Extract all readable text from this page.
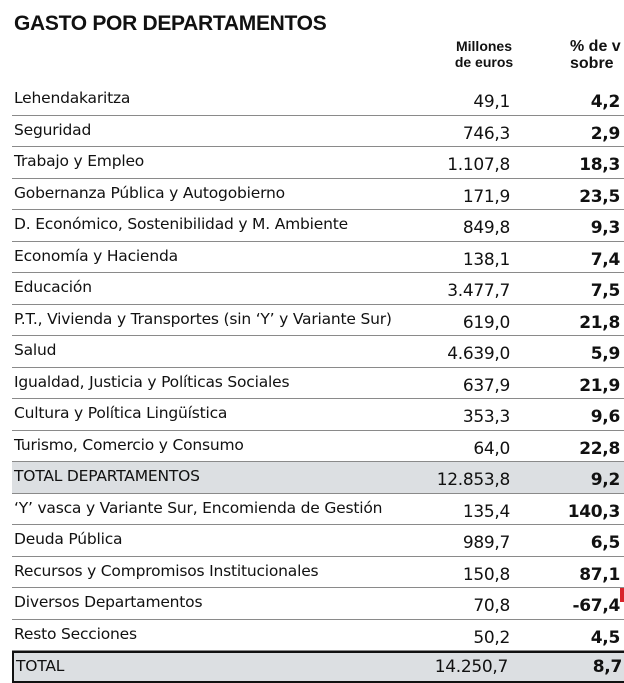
GASTO POR DEPARTAMENTOS
Millones
de euros
% de v
sobre
Lehendakaritza	49,1	4,2
Seguridad	746,3	2,9
Trabajo y Empleo	1.107,8	18,3
Gobernanza Pública y Autogobierno	171,9	23,5
D. Económico, Sostenibilidad y M. Ambiente	849,8	9,3
Economía y Hacienda	138,1	7,4
Educación	3.477,7	7,5
P.T., Vivienda y Transportes (sin ‘Y’ y Variante Sur)	619,0	21,8
Salud	4.639,0	5,9
Igualdad, Justicia y Políticas Sociales	637,9	21,9
Cultura y Política Lingüística	353,3	9,6
Turismo, Comercio y Consumo	64,0	22,8
TOTAL DEPARTAMENTOS	12.853,8	9,2
‘Y’ vasca y Variante Sur, Encomienda de Gestión	135,4	140,3
Deuda Pública	989,7	6,5
Recursos y Compromisos Institucionales	150,8	87,1
Diversos Departamentos	70,8	-67,4
Resto Secciones	50,2	4,5
TOTAL	14.250,7	8,7
